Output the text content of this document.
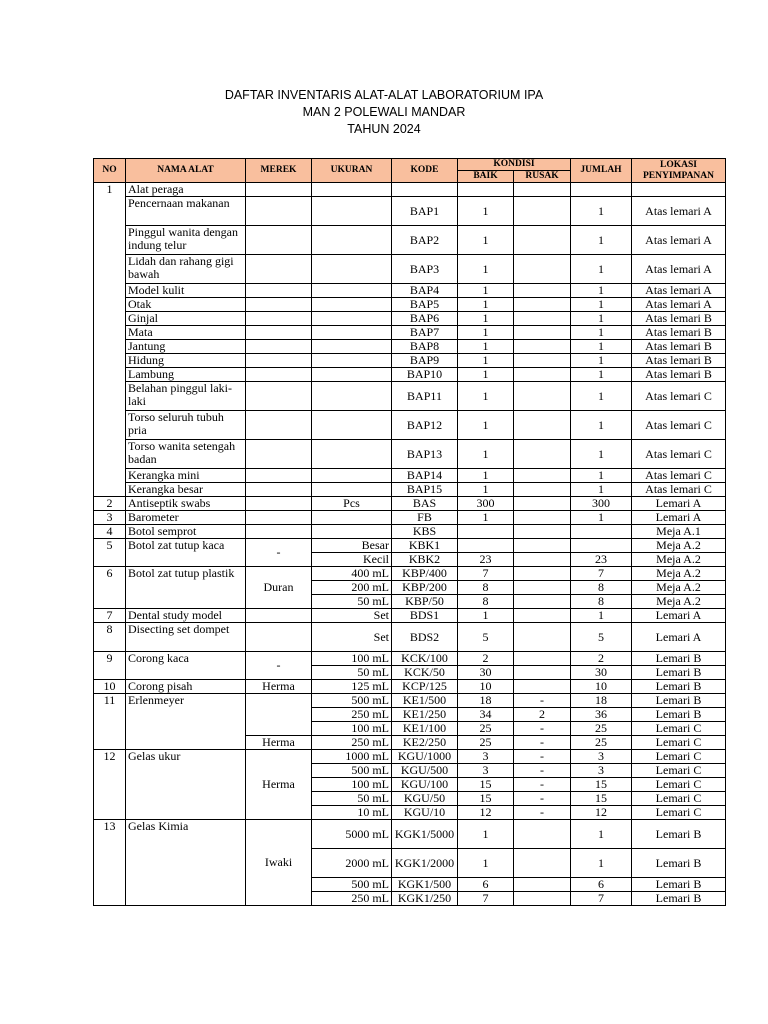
DAFTAR INVENTARIS ALAT-ALAT LABORATORIUM IPA
MAN 2 POLEWALI MANDAR
TAHUN 2024
NO	NAMA ALAT	MEREK	UKURAN	KODE	KONDISI		JUMLAH	LOKASI PENYIMPANAN
					BAIK	RUSAK		
1	Alat peraga							
	Pencernaan makanan			BAP1	1		1	Atas lemari A
	Pinggul wanita dengan indung telur			BAP2	1		1	Atas lemari A
	Lidah dan rahang gigi bawah			BAP3	1		1	Atas lemari A
	Model kulit			BAP4	1		1	Atas lemari A
	Otak			BAP5	1		1	Atas lemari A
	Ginjal			BAP6	1		1	Atas lemari B
	Mata			BAP7	1		1	Atas lemari B
	Jantung			BAP8	1		1	Atas lemari B
	Hidung			BAP9	1		1	Atas lemari B
	Lambung			BAP10	1		1	Atas lemari B
	Belahan pinggul laki-laki			BAP11	1		1	Atas lemari C
	Torso seluruh tubuh pria			BAP12	1		1	Atas lemari C
	Torso wanita setengah badan			BAP13	1		1	Atas lemari C
	Kerangka mini			BAP14	1		1	Atas lemari C
	Kerangka besar			BAP15	1		1	Atas lemari C
2	Antiseptik swabs		Pcs	BAS	300		300	Lemari A
3	Barometer			FB	1		1	Lemari A
4	Botol semprot			KBS				Meja A.1
5	Botol zat tutup kaca	-	Besar	KBK1				Meja A.2
			Kecil	KBK2	23		23	Meja A.2
6	Botol zat tutup plastik	Duran	400 mL	KBP/400	7		7	Meja A.2
			200 mL	KBP/200	8		8	Meja A.2
			50 mL	KBP/50	8		8	Meja A.2
7	Dental study model		Set	BDS1	1		1	Lemari A
8	Disecting set dompet		Set	BDS2	5		5	Lemari A
9	Corong kaca	-	100 mL	KCK/100	2		2	Lemari B
			50 mL	KCK/50	30		30	Lemari B
10	Corong pisah	Herma	125 mL	KCP/125	10		10	Lemari B
11	Erlenmeyer		500 mL	KE1/500	18	-	18	Lemari B
			250 mL	KE1/250	34	2	36	Lemari B
			100 mL	KE1/100	25	-	25	Lemari C
		Herma	250 mL	KE2/250	25	-	25	Lemari C
12	Gelas ukur	Herma	1000 mL	KGU/1000	3	-	3	Lemari C
			500 mL	KGU/500	3	-	3	Lemari C
			100 mL	KGU/100	15	-	15	Lemari C
			50 mL	KGU/50	15	-	15	Lemari C
			10 mL	KGU/10	12	-	12	Lemari C
13	Gelas Kimia	Iwaki	5000 mL	KGK1/5000	1		1	Lemari B
			2000 mL	KGK1/2000	1		1	Lemari B
			500 mL	KGK1/500	6		6	Lemari B
			250 mL	KGK1/250	7		7	Lemari B
